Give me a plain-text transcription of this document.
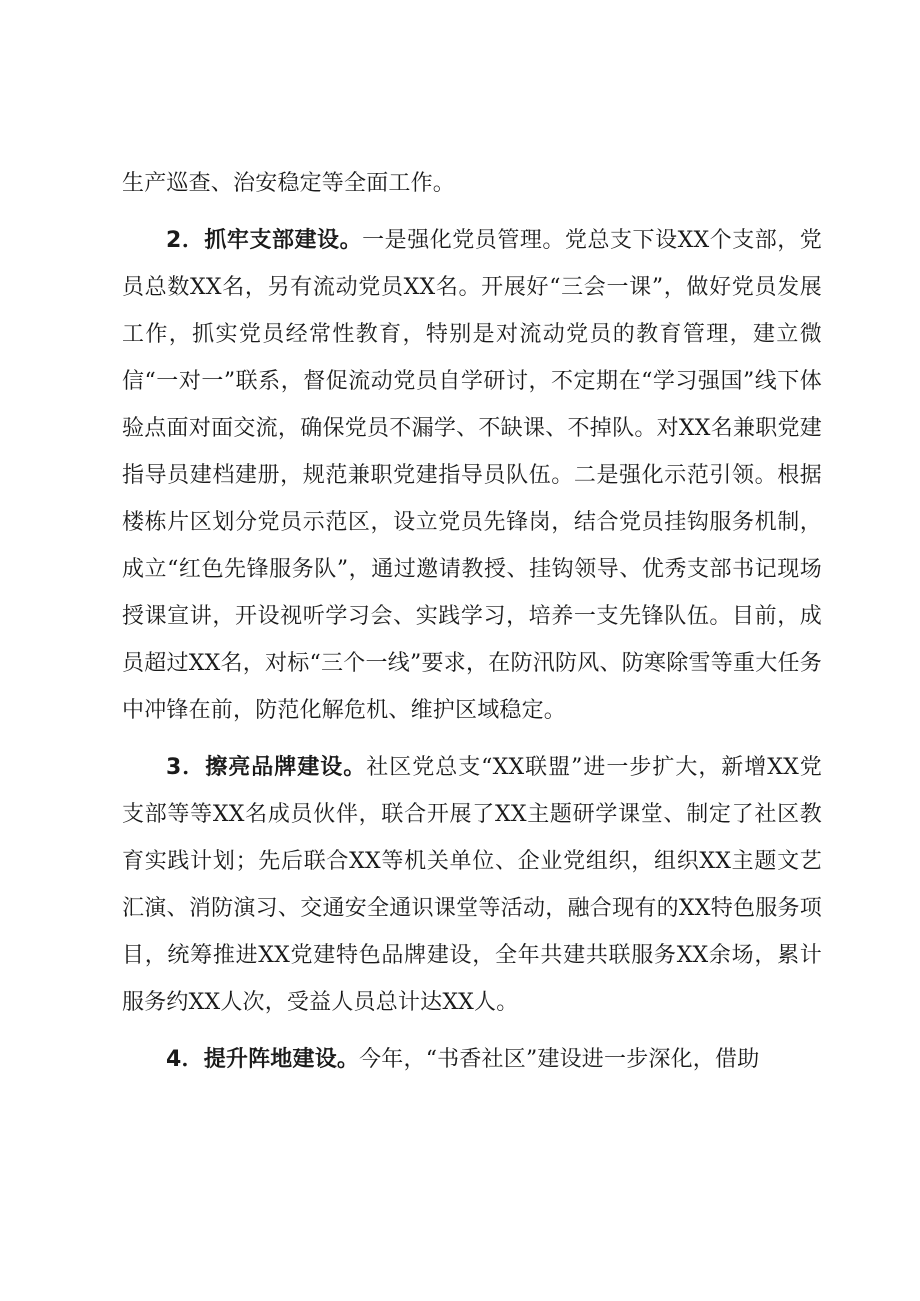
生产巡查、治安稳定等全面工作。

2．抓牢支部建设。一是强化党员管理。党总支下设XX个支部，党员总数XX名，另有流动党员XX名。开展好“三会一课”，做好党员发展工作，抓实党员经常性教育，特别是对流动党员的教育管理，建立微信“一对一”联系，督促流动党员自学研讨，不定期在“学习强国”线下体验点面对面交流，确保党员不漏学、不缺课、不掉队。对XX名兼职党建指导员建档建册，规范兼职党建指导员队伍。二是强化示范引领。根据楼栋片区划分党员示范区，设立党员先锋岗，结合党员挂钩服务机制，成立“红色先锋服务队”，通过邀请教授、挂钩领导、优秀支部书记现场授课宣讲，开设视听学习会、实践学习，培养一支先锋队伍。目前，成员超过XX名，对标“三个一线”要求，在防汛防风、防寒除雪等重大任务中冲锋在前，防范化解危机、维护区域稳定。

3．擦亮品牌建设。社区党总支“XX联盟”进一步扩大，新增XX党支部等等XX名成员伙伴，联合开展了XX主题研学课堂、制定了社区教育实践计划；先后联合XX等机关单位、企业党组织，组织XX主题文艺汇演、消防演习、交通安全通识课堂等活动，融合现有的XX特色服务项目，统筹推进XX党建特色品牌建设，全年共建共联服务XX余场，累计服务约XX人次，受益人员总计达XX人。

4．提升阵地建设。今年，“书香社区”建设进一步深化，借助
